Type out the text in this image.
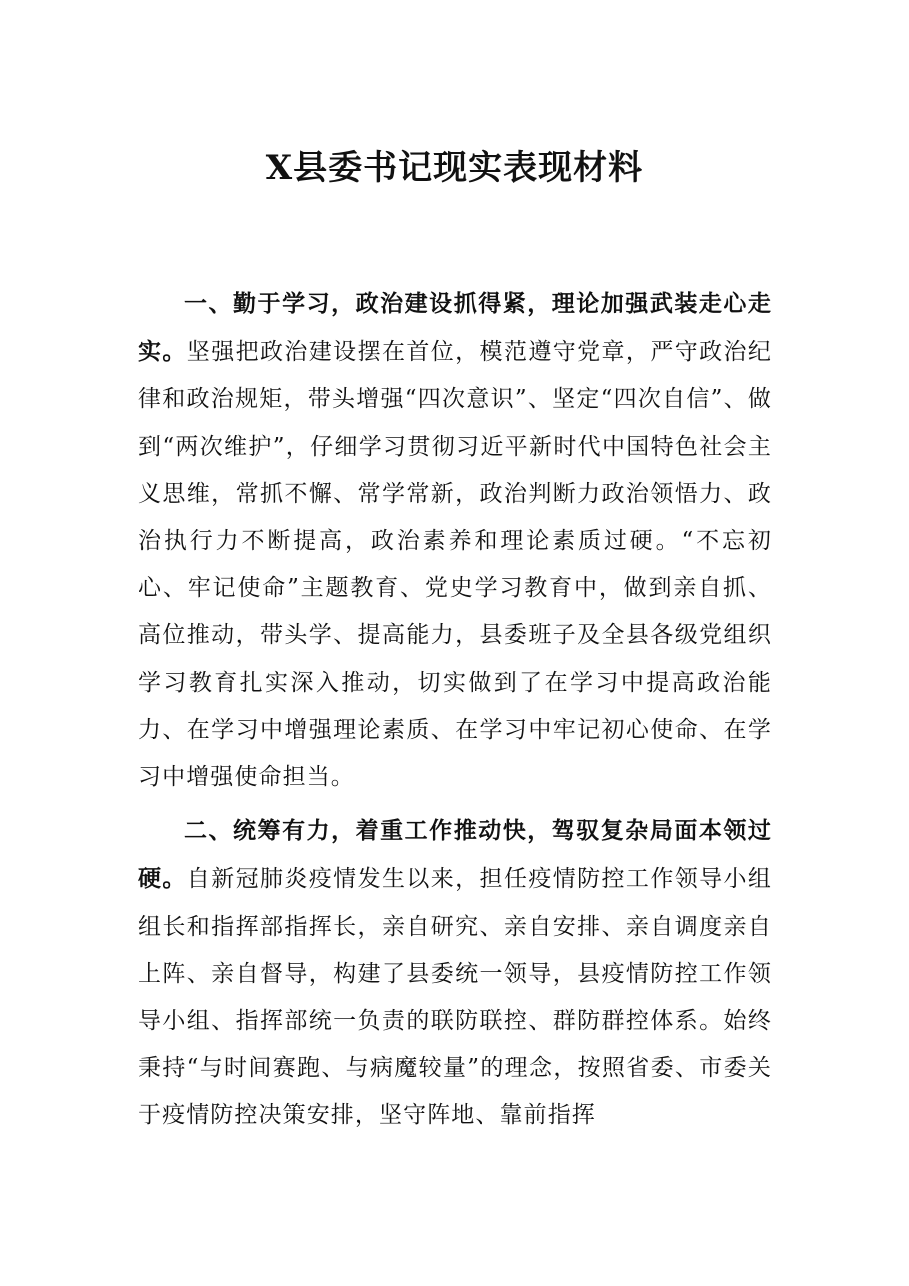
X县委书记现实表现材料

一、勤于学习，政治建设抓得紧，理论加强武装走心走实。坚强把政治建设摆在首位，模范遵守党章，严守政治纪律和政治规矩，带头增强“四次意识”、坚定“四次自信”、做到“两次维护”，仔细学习贯彻习近平新时代中国特色社会主义思维，常抓不懈、常学常新，政治判断力政治领悟力、政治执行力不断提高，政治素养和理论素质过硬。“不忘初心、牢记使命”主题教育、党史学习教育中，做到亲自抓、高位推动，带头学、提高能力，县委班子及全县各级党组织学习教育扎实深入推动，切实做到了在学习中提高政治能力、在学习中增强理论素质、在学习中牢记初心使命、在学习中增强使命担当。

二、统筹有力，着重工作推动快，驾驭复杂局面本领过硬。自新冠肺炎疫情发生以来，担任疫情防控工作领导小组组长和指挥部指挥长，亲自研究、亲自安排、亲自调度亲自上阵、亲自督导，构建了县委统一领导，县疫情防控工作领导小组、指挥部统一负责的联防联控、群防群控体系。始终秉持“与时间赛跑、与病魔较量”的理念，按照省委、市委关于疫情防控决策安排，坚守阵地、靠前指挥
